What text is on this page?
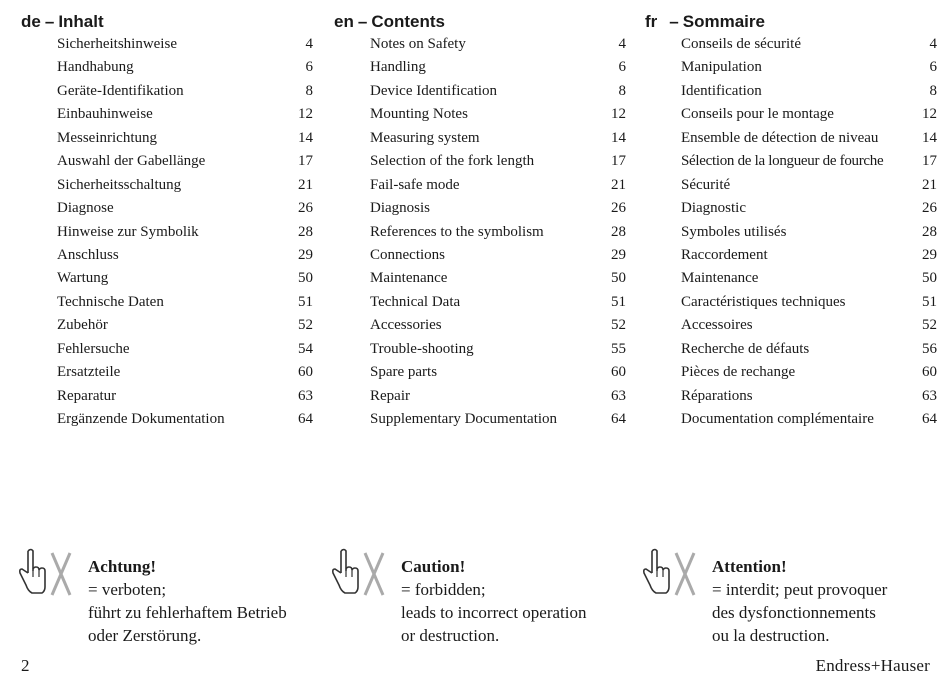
de – Inhalt
Sicherheitshinweise	4
Handhabung	6
Geräte-Identifikation	8
Einbauhinweise	12
Messeinrichtung	14
Auswahl der Gabellänge	17
Sicherheitsschaltung	21
Diagnose	26
Hinweise zur Symbolik	28
Anschluss	29
Wartung	50
Technische Daten	51
Zubehör	52
Fehlersuche	54
Ersatzteile	60
Reparatur	63
Ergänzende Dokumentation	64
en – Contents
Notes on Safety	4
Handling	6
Device Identification	8
Mounting Notes	12
Measuring system	14
Selection of the fork length	17
Fail-safe mode	21
Diagnosis	26
References to the symbolism	28
Connections	29
Maintenance	50
Technical Data	51
Accessories	52
Trouble-shooting	55
Spare parts	60
Repair	63
Supplementary Documentation	64
fr – Sommaire
Conseils de sécurité	4
Manipulation	6
Identification	8
Conseils pour le montage	12
Ensemble de détection de niveau	14
Sélection de la longueur de fourche	17
Sécurité	21
Diagnostic	26
Symboles utilisés	28
Raccordement	29
Maintenance	50
Caractéristiques techniques	51
Accessoires	52
Recherche de défauts	56
Pièces de rechange	60
Réparations	63
Documentation complémentaire	64
Achtung!
= verboten;
führt zu fehlerhaftem Betrieb
oder Zerstörung.
Caution!
= forbidden;
leads to incorrect operation
or destruction.
Attention!
= interdit; peut provoquer
des dysfonctionnements
ou la destruction.
2	Endress+Hauser
